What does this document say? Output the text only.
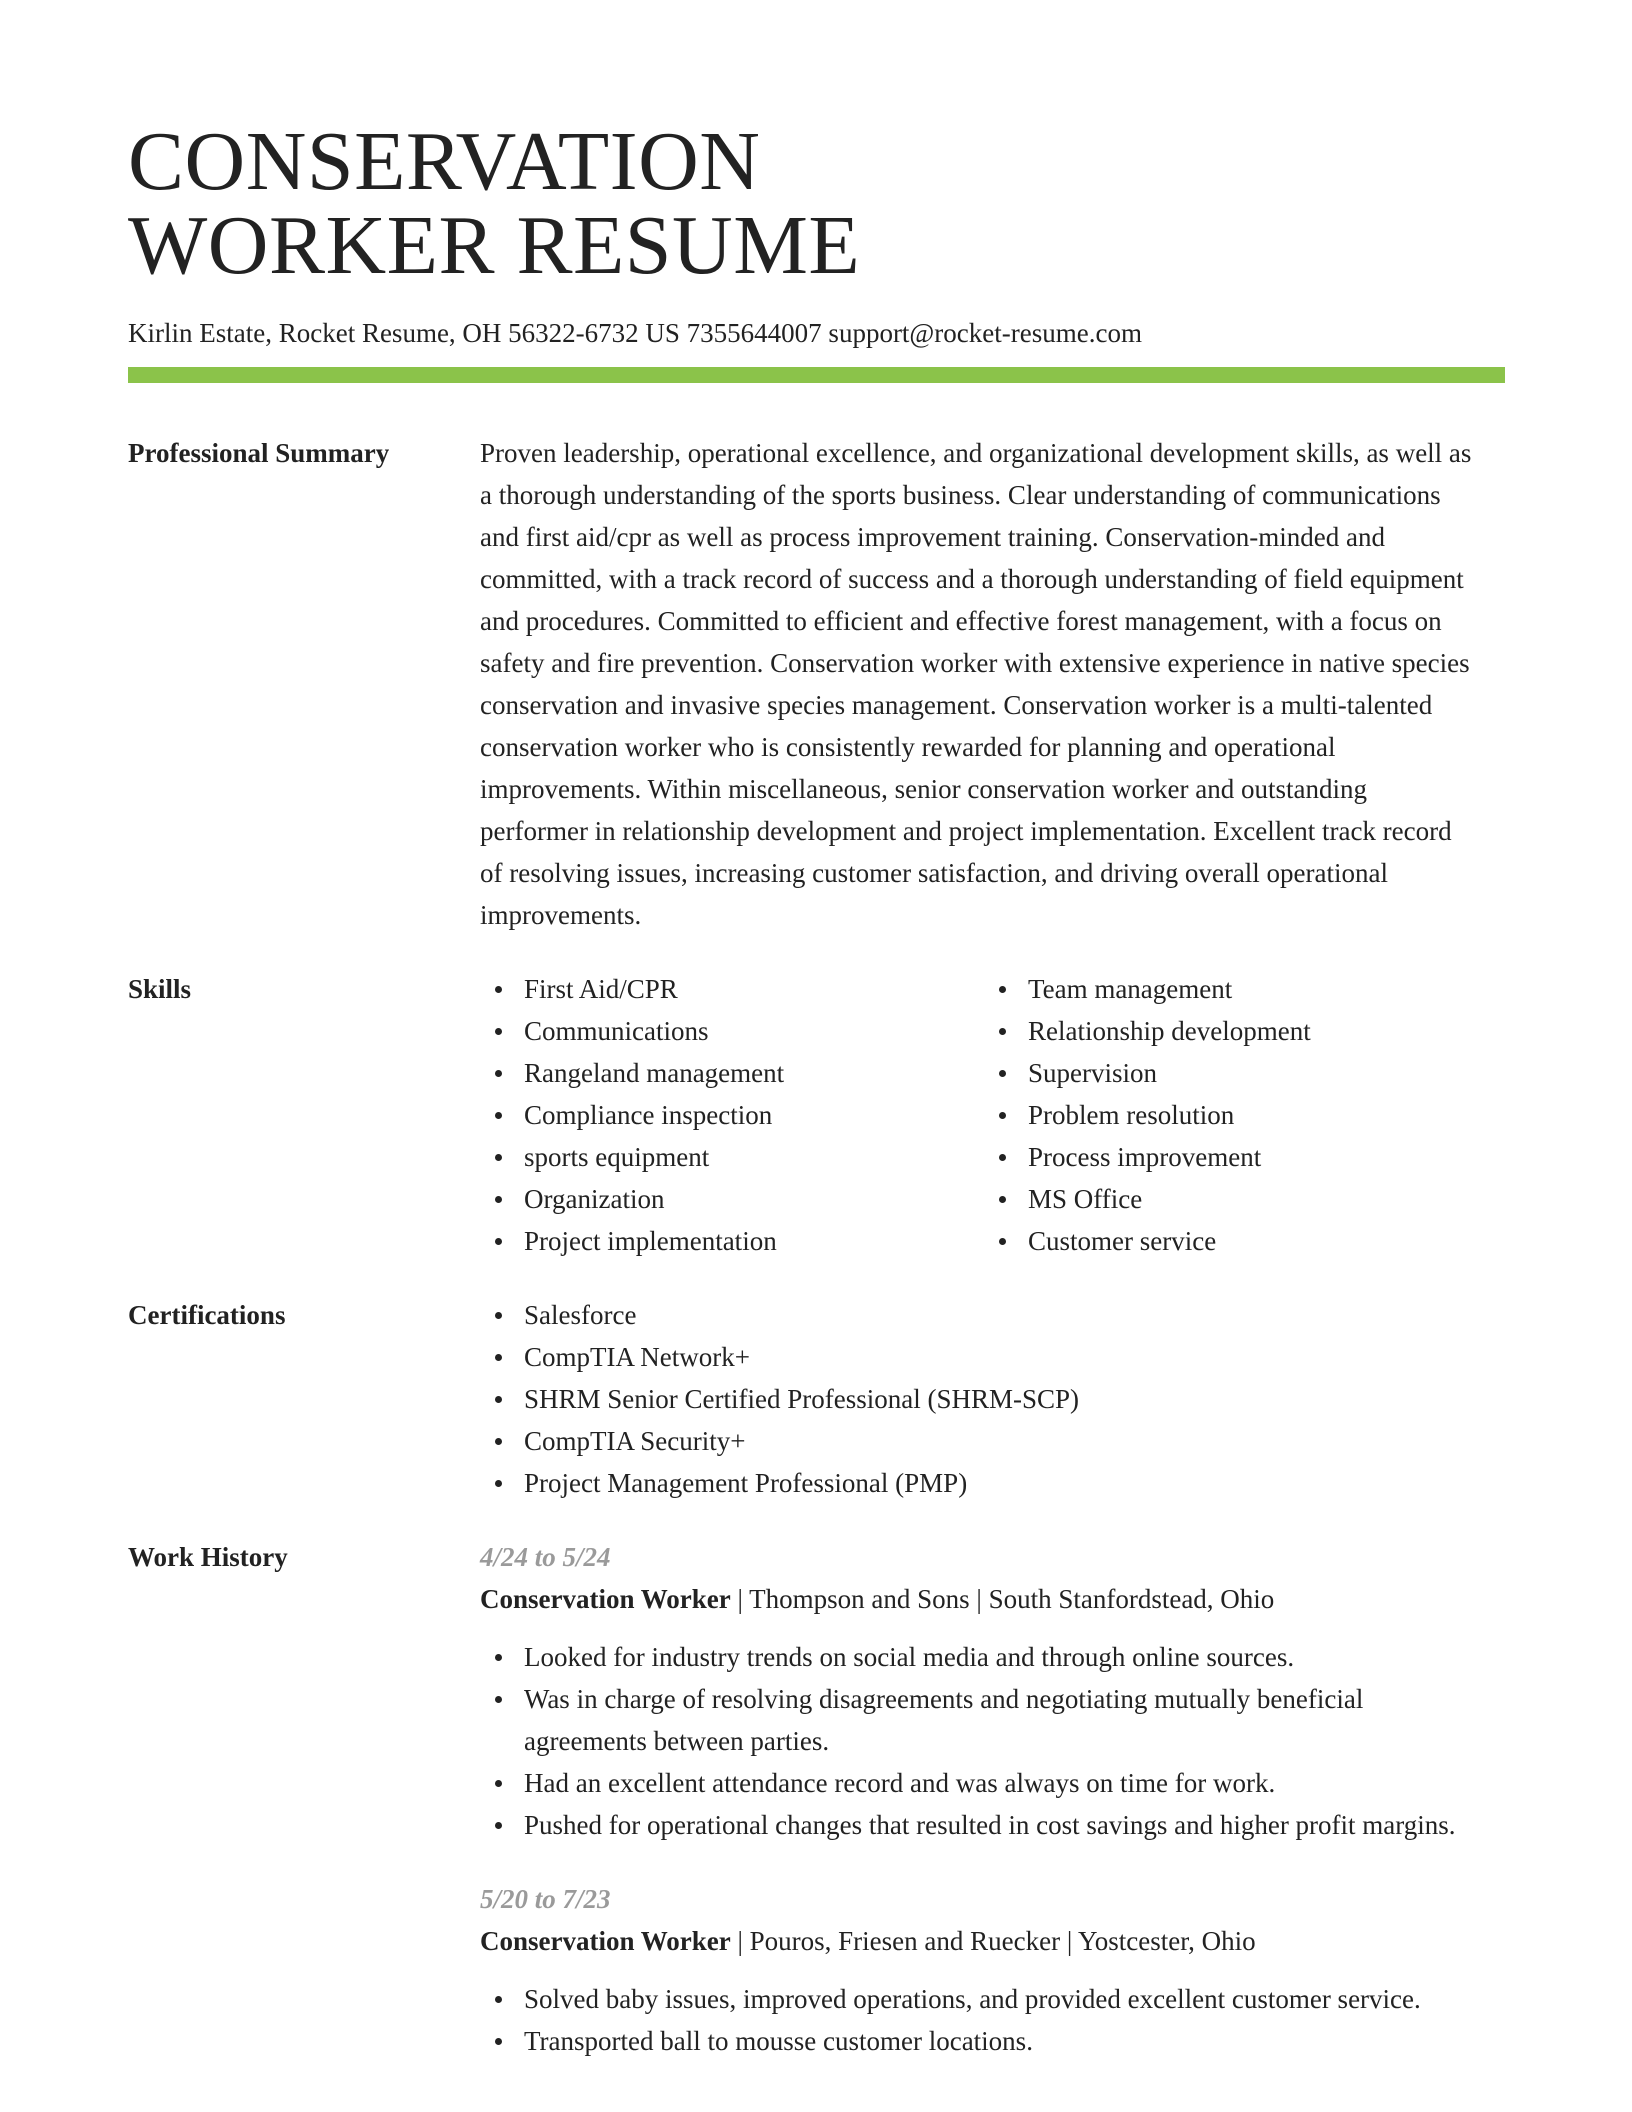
CONSERVATION
WORKER RESUME

Kirlin Estate, Rocket Resume, OH 56322-6732 US 7355644007 support@rocket-resume.com

Professional Summary	Proven leadership, operational excellence, and organizational development skills, as well as a thorough understanding of the sports business. Clear understanding of communications and first aid/cpr as well as process improvement training. Conservation-minded and committed, with a track record of success and a thorough understanding of field equipment and procedures. Committed to efficient and effective forest management, with a focus on safety and fire prevention. Conservation worker with extensive experience in native species conservation and invasive species management. Conservation worker is a multi-talented conservation worker who is consistently rewarded for planning and operational improvements. Within miscellaneous, senior conservation worker and outstanding performer in relationship development and project implementation. Excellent track record of resolving issues, increasing customer satisfaction, and driving overall operational improvements.

Skills	First Aid/CPR
Communications
Rangeland management
Compliance inspection
sports equipment
Organization
Project implementation
Team management
Relationship development
Supervision
Problem resolution
Process improvement
MS Office
Customer service
Certifications	Salesforce
CompTIA Network+
SHRM Senior Certified Professional (SHRM-SCP)
CompTIA Security+
Project Management Professional (PMP)
Work History	4/24 to 5/24
Conservation Worker | Thompson and Sons | South Stanfordstead, Ohio
Looked for industry trends on social media and through online sources.
Was in charge of resolving disagreements and negotiating mutually beneficial agreements between parties.
Had an excellent attendance record and was always on time for work.
Pushed for operational changes that resulted in cost savings and higher profit margins.
5/20 to 7/23
Conservation Worker | Pouros, Friesen and Ruecker | Yostcester, Ohio
Solved baby issues, improved operations, and provided excellent customer service.
Transported ball to mousse customer locations.
